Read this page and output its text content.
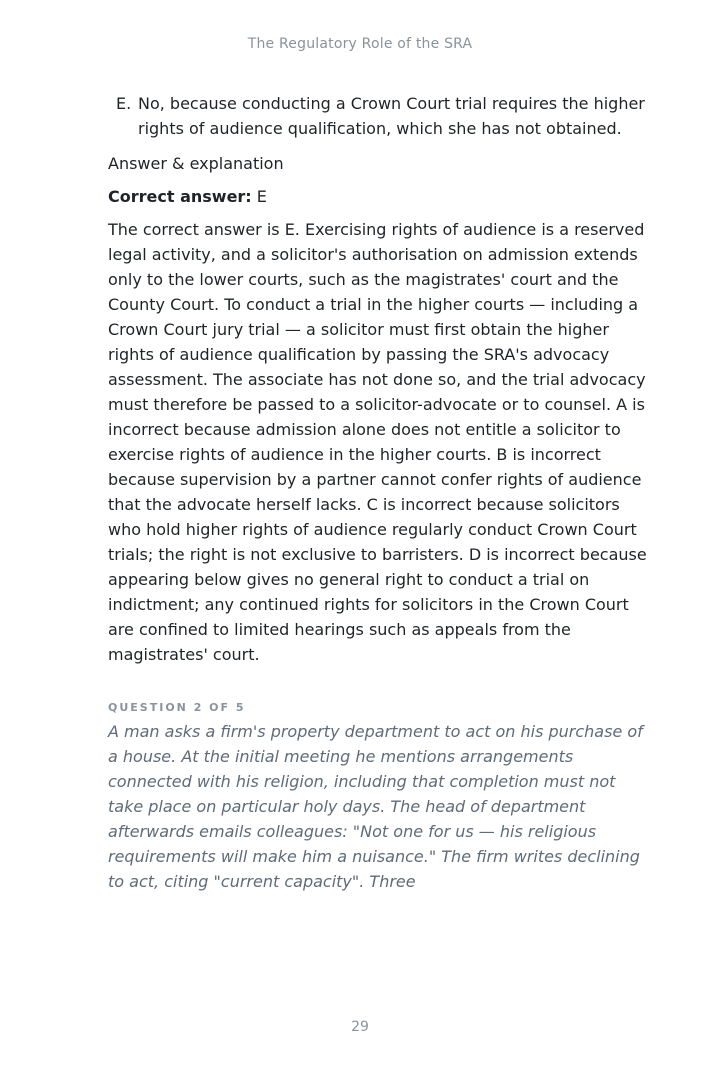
The Regulatory Role of the SRA
E. No, because conducting a Crown Court trial requires the higher rights of audience qualification, which she has not obtained.
Answer & explanation
Correct answer: E
The correct answer is E. Exercising rights of audience is a reserved legal activity, and a solicitor's authorisation on admission extends only to the lower courts, such as the magistrates' court and the County Court. To conduct a trial in the higher courts — including a Crown Court jury trial — a solicitor must first obtain the higher rights of audience qualification by passing the SRA's advocacy assessment. The associate has not done so, and the trial advocacy must therefore be passed to a solicitor-advocate or to counsel. A is incorrect because admission alone does not entitle a solicitor to exercise rights of audience in the higher courts. B is incorrect because supervision by a partner cannot confer rights of audience that the advocate herself lacks. C is incorrect because solicitors who hold higher rights of audience regularly conduct Crown Court trials; the right is not exclusive to barristers. D is incorrect because appearing below gives no general right to conduct a trial on indictment; any continued rights for solicitors in the Crown Court are confined to limited hearings such as appeals from the magistrates' court.
QUESTION 2 OF 5
A man asks a firm's property department to act on his purchase of a house. At the initial meeting he mentions arrangements connected with his religion, including that completion must not take place on particular holy days. The head of department afterwards emails colleagues: "Not one for us — his religious requirements will make him a nuisance." The firm writes declining to act, citing "current capacity". Three
29
